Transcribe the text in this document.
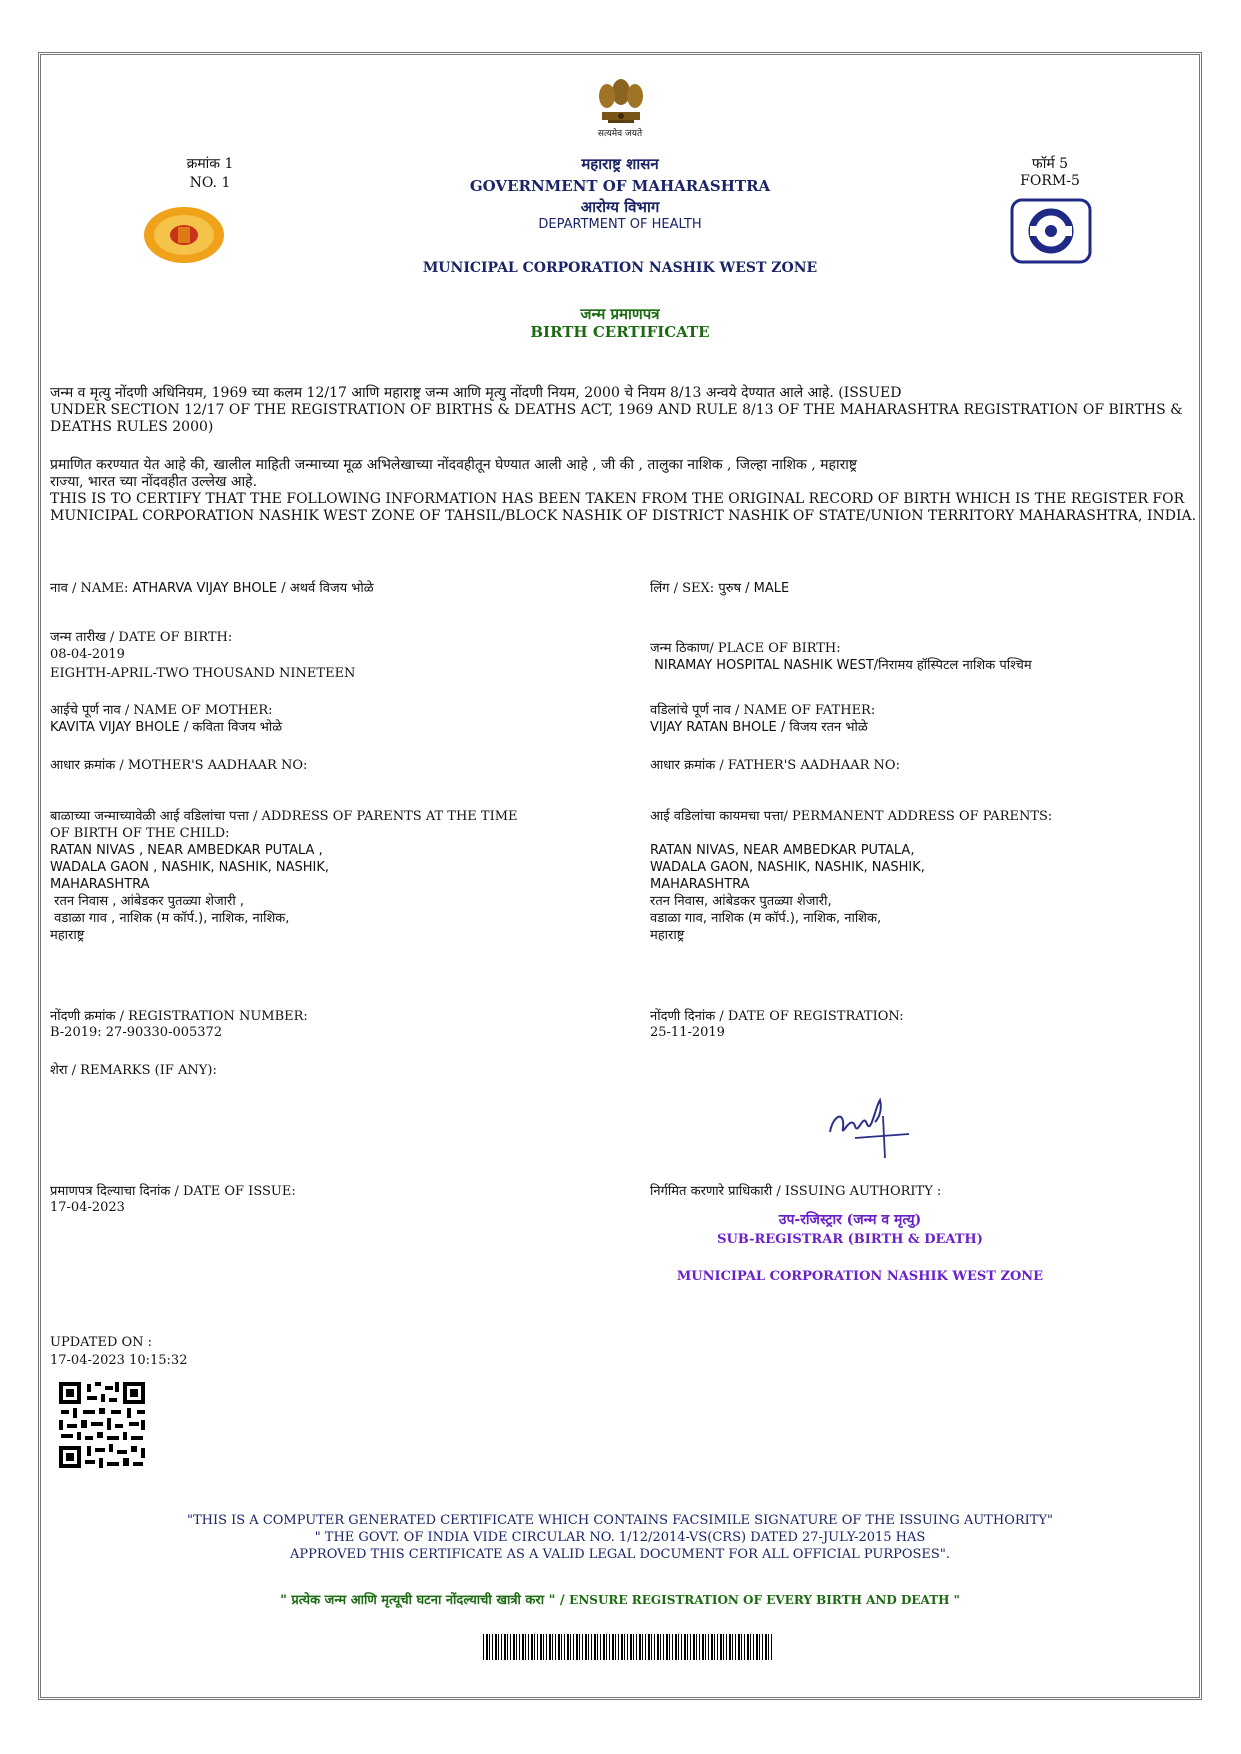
सत्यमेव जयते
क्रमांक 1
NO. 1
फॉर्म 5
FORM-5
महाराष्ट्र शासन
GOVERNMENT OF MAHARASHTRA
आरोग्य विभाग
DEPARTMENT OF HEALTH
MUNICIPAL CORPORATION NASHIK WEST ZONE
जन्म प्रमाणपत्र
BIRTH CERTIFICATE
जन्म व मृत्यु नोंदणी अधिनियम, 1969 च्या कलम 12/17 आणि महाराष्ट्र जन्म आणि मृत्यु नोंदणी नियम, 2000 चे नियम 8/13 अन्वये देण्यात आले आहे. (ISSUED
UNDER SECTION 12/17 OF THE REGISTRATION OF BIRTHS & DEATHS ACT, 1969 AND RULE 8/13 OF THE MAHARASHTRA REGISTRATION OF BIRTHS &
DEATHS RULES 2000)
प्रमाणित करण्यात येत आहे की, खालील माहिती जन्माच्या मूळ अभिलेखाच्या नोंदवहीतून घेण्यात आली आहे , जी की , तालुका नाशिक , जिल्हा नाशिक , महाराष्ट्र
राज्या, भारत च्या नोंदवहीत उल्लेख आहे.
THIS IS TO CERTIFY THAT THE FOLLOWING INFORMATION HAS BEEN TAKEN FROM THE ORIGINAL RECORD OF BIRTH WHICH IS THE REGISTER FOR
MUNICIPAL CORPORATION NASHIK WEST ZONE OF TAHSIL/BLOCK NASHIK OF DISTRICT NASHIK OF STATE/UNION TERRITORY MAHARASHTRA, INDIA.
नाव / NAME: ATHARVA VIJAY BHOLE / अथर्व विजय भोळे	लिंग / SEX: पुरुष / MALE
जन्म तारीख / DATE OF BIRTH:
08-04-2019
EIGHTH-APRIL-TWO THOUSAND NINETEEN
जन्म ठिकाण/ PLACE OF BIRTH:
NIRAMAY HOSPITAL NASHIK WEST/निरामय हॉस्पिटल नाशिक पश्चिम
आईचे पूर्ण नाव / NAME OF MOTHER:
KAVITA VIJAY BHOLE / कविता विजय भोळे
वडिलांचे पूर्ण नाव / NAME OF FATHER:
VIJAY RATAN BHOLE / विजय रतन भोळे
आधार क्रमांक / MOTHER'S AADHAAR NO:	आधार क्रमांक / FATHER'S AADHAAR NO:
बाळाच्या जन्माच्यावेळी आई वडिलांचा पत्ता / ADDRESS OF PARENTS AT THE TIME
OF BIRTH OF THE CHILD:
RATAN NIVAS , NEAR AMBEDKAR PUTALA ,
WADALA GAON , NASHIK, NASHIK, NASHIK,
MAHARASHTRA
रतन निवास , आंबेडकर पुतळ्या शेजारी ,
वडाळा गाव , नाशिक (म कॉर्प.), नाशिक, नाशिक,
महाराष्ट्र
आई वडिलांचा कायमचा पत्ता/ PERMANENT ADDRESS OF PARENTS:
RATAN NIVAS, NEAR AMBEDKAR PUTALA,
WADALA GAON, NASHIK, NASHIK, NASHIK,
MAHARASHTRA
रतन निवास, आंबेडकर पुतळ्या शेजारी,
वडाळा गाव, नाशिक (म कॉर्प.), नाशिक, नाशिक,
महाराष्ट्र
नोंदणी क्रमांक / REGISTRATION NUMBER:
B-2019: 27-90330-005372
नोंदणी दिनांक / DATE OF REGISTRATION:
25-11-2019
शेरा / REMARKS (IF ANY):
प्रमाणपत्र दिल्याचा दिनांक / DATE OF ISSUE:
17-04-2023
निर्गमित करणारे प्राधिकारी / ISSUING AUTHORITY :
उप-रजिस्ट्रार (जन्म व मृत्यु)
SUB-REGISTRAR (BIRTH & DEATH)
MUNICIPAL CORPORATION NASHIK WEST ZONE
UPDATED ON :
17-04-2023 10:15:32
"THIS IS A COMPUTER GENERATED CERTIFICATE WHICH CONTAINS FACSIMILE SIGNATURE OF THE ISSUING AUTHORITY"
" THE GOVT. OF INDIA VIDE CIRCULAR NO. 1/12/2014-VS(CRS) DATED 27-JULY-2015 HAS
APPROVED THIS CERTIFICATE AS A VALID LEGAL DOCUMENT FOR ALL OFFICIAL PURPOSES".
" प्रत्येक जन्म आणि मृत्यूची घटना नोंदल्याची खात्री करा " / ENSURE REGISTRATION OF EVERY BIRTH AND DEATH "
